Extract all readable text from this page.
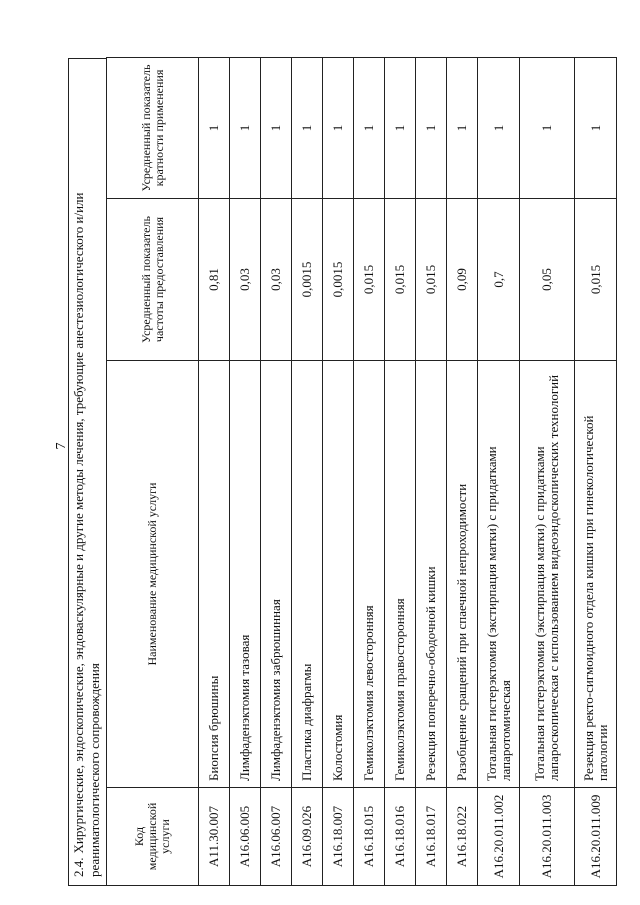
7
2.4.Хирургические, эндоскопические, эндоваскулярные и другие методы лечения, требующие анестезиологического и/или реаниматологического сопровождения	Код медицинской услуги	Наименование медицинской услуги	Усредненный показатель частоты предоставления	Усредненный показатель кратности применения
A11.30.007	Биопсия брюшины	0,81	1
A16.06.005	Лимфаденэктомия тазовая	0,03	1
A16.06.007	Лимфаденэктомия забрюшинная	0,03	1
A16.09.026	Пластика диафрагмы	0,0015	1
A16.18.007	Колостомия	0,0015	1
A16.18.015	Гемиколэктомия левосторонняя	0,015	1
A16.18.016	Гемиколэктомия правосторонняя	0,015	1
A16.18.017	Резекция поперечно-ободочной кишки	0,015	1
A16.18.022	Разобщение сращений при спаечной непроходимости	0,09	1
A16.20.011.002	Тотальная гистерэктомия (экстирпация матки) с придатками лапаротомическая	0,7	1
A16.20.011.003	Тотальная гистерэктомия (экстирпация матки) с придатками лапароскопическая с использованием видеоэндоскопических технологий	0,05	1
A16.20.011.009	Резекция ректо-сигмоидного отдела кишки при гинекологической патологии	0,015	1
